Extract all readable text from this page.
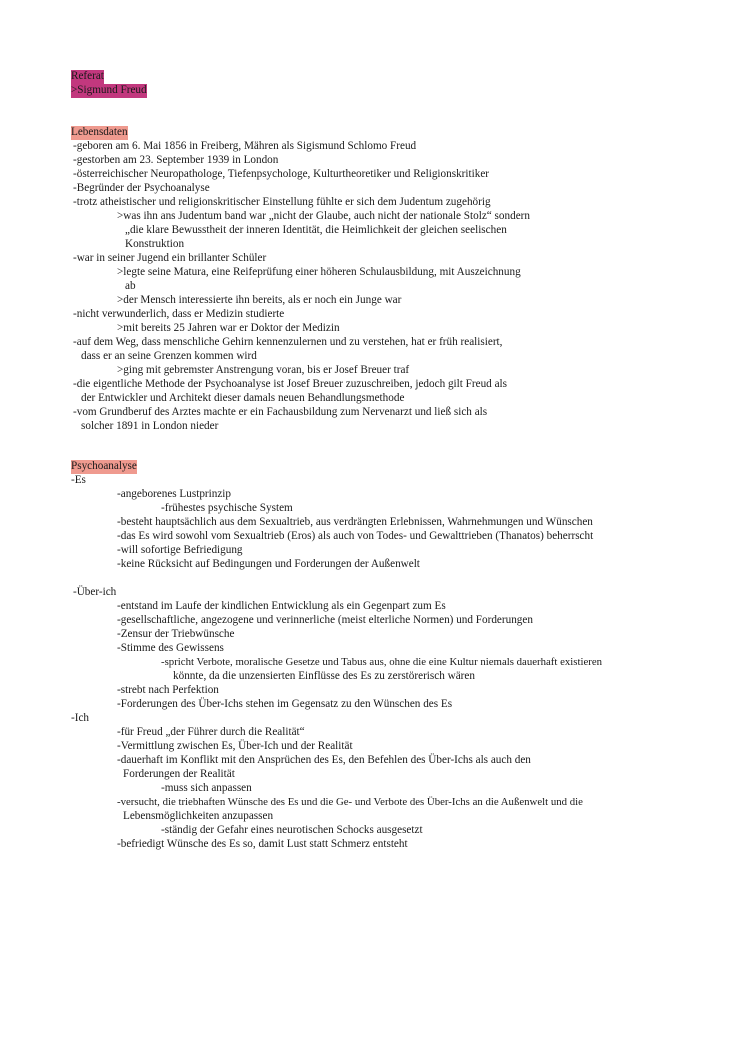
Referat
>Sigmund Freud
Lebensdaten
-geboren am 6. Mai 1856 in Freiberg, Mähren als Sigismund Schlomo Freud
-gestorben am 23. September 1939 in London
-österreichischer Neuropathologe, Tiefenpsychologe, Kulturtheoretiker und Religionskritiker
-Begründer der Psychoanalyse
-trotz atheistischer und religionskritischer Einstellung fühlte er sich dem Judentum zugehörig
>was ihn ans Judentum band war „nicht der Glaube, auch nicht der nationale Stolz“ sondern
„die klare Bewusstheit der inneren Identität, die Heimlichkeit der gleichen seelischen
Konstruktion
-war in seiner Jugend ein brillanter Schüler
>legte seine Matura, eine Reifeprüfung einer höheren Schulausbildung, mit Auszeichnung
ab
>der Mensch interessierte ihn bereits, als er noch ein Junge war
-nicht verwunderlich, dass er Medizin studierte
>mit bereits 25 Jahren war er Doktor der Medizin
-auf dem Weg, dass menschliche Gehirn kennenzulernen und zu verstehen, hat er früh realisiert,
dass er an seine Grenzen kommen wird
>ging mit gebremster Anstrengung voran, bis er Josef Breuer traf
-die eigentliche Methode der Psychoanalyse ist Josef Breuer zuzuschreiben, jedoch gilt Freud als
der Entwickler und Architekt dieser damals neuen Behandlungsmethode
-vom Grundberuf des Arztes machte er ein Fachausbildung zum Nervenarzt und ließ sich als
solcher 1891 in London nieder
Psychoanalyse
-Es
-angeborenes Lustprinzip
-frühestes psychische System
-besteht hauptsächlich aus dem Sexualtrieb, aus verdrängten Erlebnissen, Wahrnehmungen und Wünschen
-das Es wird sowohl vom Sexualtrieb (Eros) als auch von Todes- und Gewalttrieben (Thanatos) beherrscht
-will sofortige Befriedigung
-keine Rücksicht auf Bedingungen und Forderungen der Außenwelt
-Über-ich
-entstand im Laufe der kindlichen Entwicklung als ein Gegenpart zum Es
-gesellschaftliche, angezogene und verinnerliche (meist elterliche Normen) und Forderungen
-Zensur der Triebwünsche
-Stimme des Gewissens
-spricht Verbote, moralische Gesetze und Tabus aus, ohne die eine Kultur niemals dauerhaft existieren
könnte, da die unzensierten Einflüsse des Es zu zerstörerisch wären
-strebt nach Perfektion
-Forderungen des Über-Ichs stehen im Gegensatz zu den Wünschen des Es
-Ich
-für Freud „der Führer durch die Realität“
-Vermittlung zwischen Es, Über-Ich und der Realität
-dauerhaft im Konflikt mit den Ansprüchen des Es, den Befehlen des Über-Ichs als auch den
Forderungen der Realität
-muss sich anpassen
-versucht, die triebhaften Wünsche des Es und die Ge- und Verbote des Über-Ichs an die Außenwelt und die
Lebensmöglichkeiten anzupassen
-ständig der Gefahr eines neurotischen Schocks ausgesetzt
-befriedigt Wünsche des Es so, damit Lust statt Schmerz entsteht
